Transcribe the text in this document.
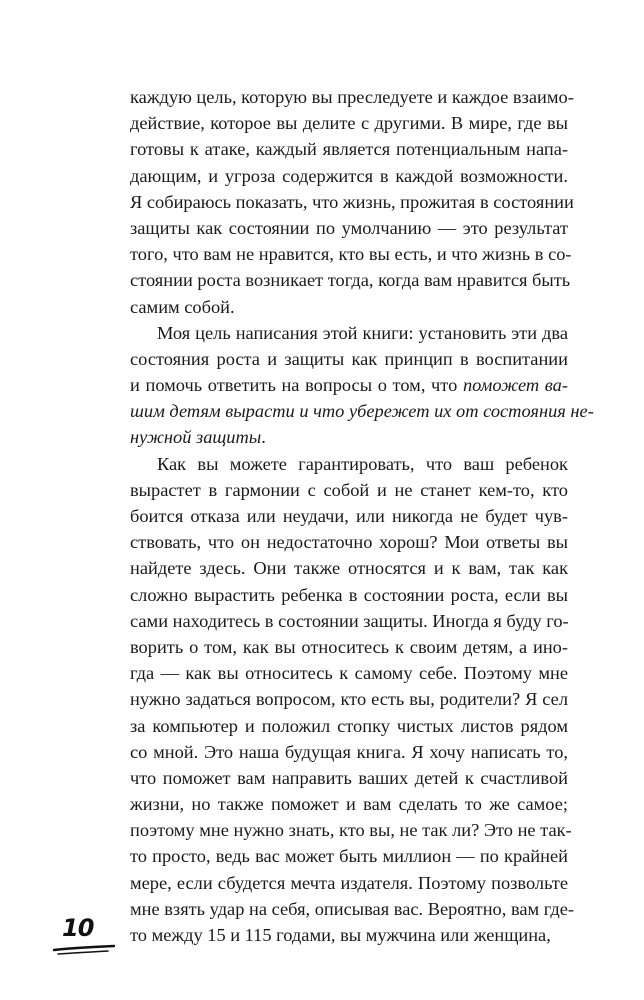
каждую цель, которую вы преследуете и каждое взаимо-
действие, которое вы делите с другими. В мире, где вы
готовы к атаке, каждый является потенциальным напа-
дающим, и угроза содержится в каждой возможности.
Я собираюсь показать, что жизнь, прожитая в состоянии
защиты как состоянии по умолчанию — это результат
того, что вам не нравится, кто вы есть, и что жизнь в со-
стоянии роста возникает тогда, когда вам нравится быть
самим собой.
Моя цель написания этой книги: установить эти два
состояния роста и защиты как принцип в воспитании
и помочь ответить на вопросы о том, что поможет ва-
шим детям вырасти и что убережет их от состояния не-
нужной защиты.
Как вы можете гарантировать, что ваш ребенок
вырастет в гармонии с собой и не станет кем-то, кто
боится отказа или неудачи, или никогда не будет чув-
ствовать, что он недостаточно хорош? Мои ответы вы
найдете здесь. Они также относятся и к вам, так как
сложно вырастить ребенка в состоянии роста, если вы
сами находитесь в состоянии защиты. Иногда я буду го-
ворить о том, как вы относитесь к своим детям, а ино-
гда — как вы относитесь к самому себе. Поэтому мне
нужно задаться вопросом, кто есть вы, родители? Я сел
за компьютер и положил стопку чистых листов рядом
со мной. Это наша будущая книга. Я хочу написать то,
что поможет вам направить ваших детей к счастливой
жизни, но также поможет и вам сделать то же самое;
поэтому мне нужно знать, кто вы, не так ли? Это не так-
то просто, ведь вас может быть миллион — по крайней
мере, если сбудется мечта издателя. Поэтому позвольте
мне взять удар на себя, описывая вас. Вероятно, вам где-
то между 15 и 115 годами, вы мужчина или женщина,
10
